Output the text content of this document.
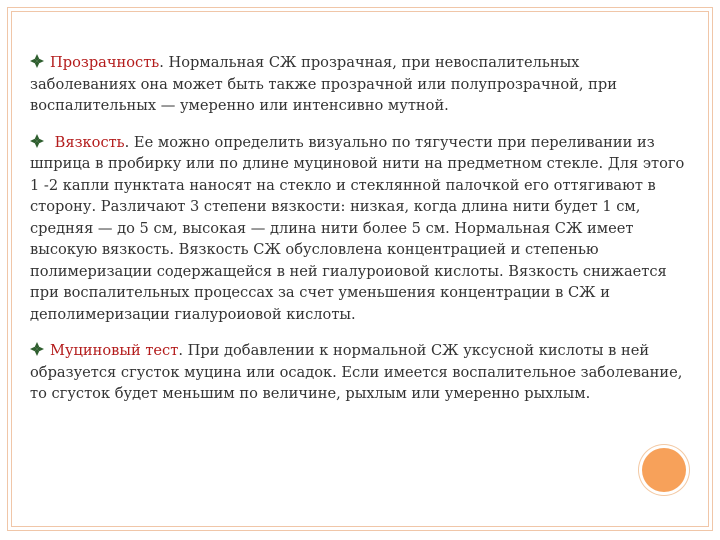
Прозрачность. Нормальная СЖ прозрачная, при невоспалительных заболеваниях она может быть также прозрачной или полупрозрачной, при воспалительных — умеренно или интенсивно мутной.

Вязкость. Ее можно определить визуально по тягучести при переливании из шприца в пробирку или по длине муциновой нити на предметном стекле. Для этого 1 -2 капли пунктата наносят на стекло и стеклянной палочкой его оттягивают в сторону. Различают 3 степени вязкости: низкая, когда длина нити будет 1 см, средняя — до 5 см, высокая — длина нити более 5 см. Нормальная СЖ имеет высокую вязкость. Вязкость СЖ обусловлена концентрацией и степенью полимеризации содержащейся в ней гиалуроиовой кислоты. Вязкость снижается при воспалительных процессах за счет уменьшения концентрации в СЖ и деполимеризации гиалуроиовой кислоты.

Муциновый тест. При добавлении к нормальной СЖ уксусной кислоты в ней образуется сгусток муцина или осадок. Если имеется воспалительное заболевание, то сгусток будет меньшим по величине, рыхлым или умеренно рыхлым.
